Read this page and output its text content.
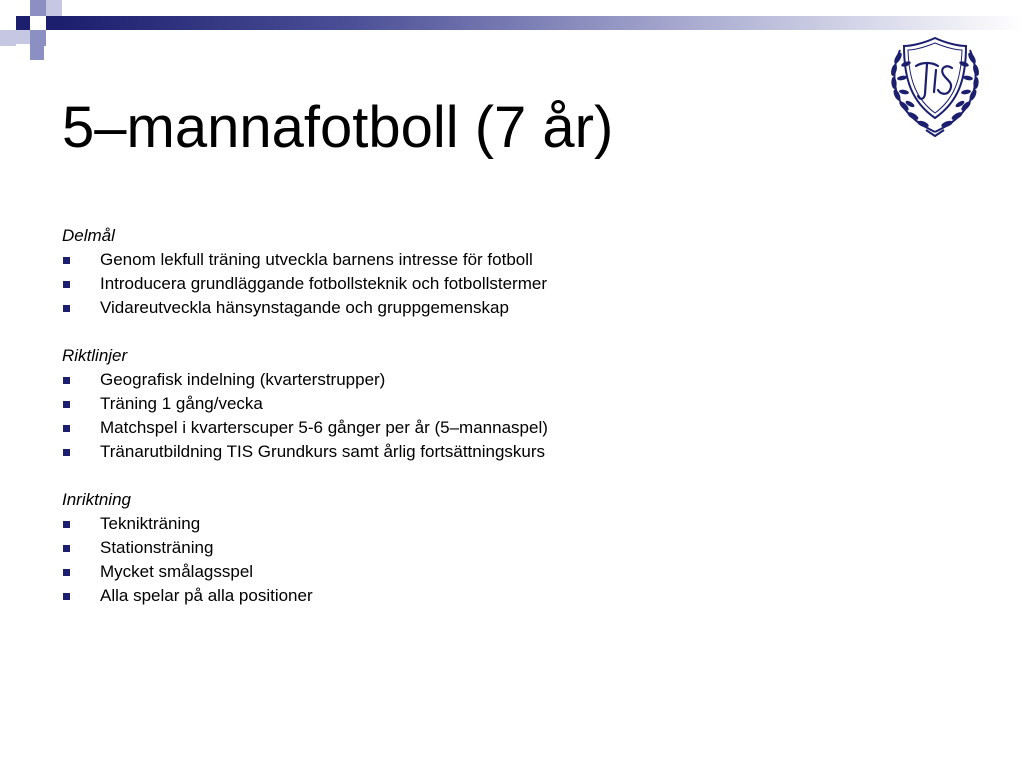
5–mannafotboll (7 år)

Delmål

Genom lekfull träning utveckla barnens intresse för fotboll
Introducera grundläggande fotbollsteknik och fotbollstermer
Vidareutveckla hänsynstagande och gruppgemenskap

Riktlinjer

Geografisk indelning (kvarterstrupper)
Träning 1 gång/vecka
Matchspel i kvarterscuper 5-6 gånger per år (5–mannaspel)
Tränarutbildning TIS Grundkurs samt årlig fortsättningskurs

Inriktning

Teknikträning
Stationsträning
Mycket smålagsspel
Alla spelar på alla positioner
